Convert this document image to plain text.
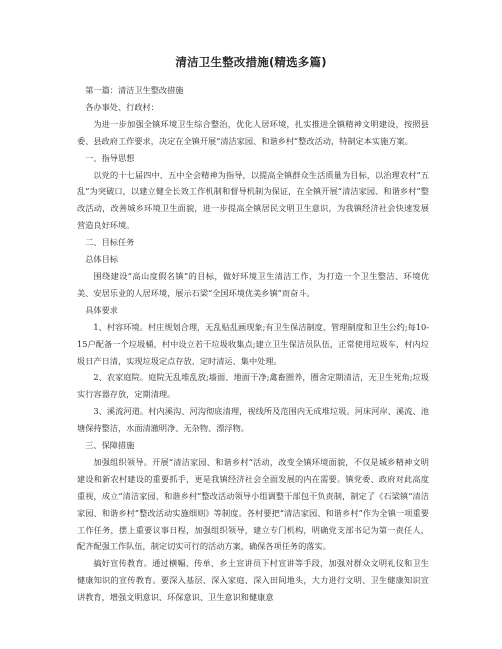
清洁卫生整改措施(精选多篇)

第一篇：清洁卫生整改措施

各办事处、行政村：

为进一步加强全镇环境卫生综合整治，优化人居环境，扎实推进全镇精神文明建设，按照县委、县政府工作要求，决定在全镇开展“清洁家园、和谐乡村”整改活动，特制定本实施方案。

一、指导思想

以党的十七届四中、五中全会精神为指导，以提高全镇群众生活质量为目标，以治理农村“五乱”为突破口，以建立健全长效工作机制和督导机制为保证，在全镇开展“清洁家园、和谐乡村”整改活动，改善城乡环境卫生面貌，进一步提高全镇居民文明卫生意识，为我镇经济社会快速发展营造良好环境。

二、目标任务

总体目标

围绕建设“高山度假名镇”的目标，做好环境卫生清洁工作，为打造一个卫生整洁、环境优美、安居乐业的人居环境，展示石梁“全国环境优美乡镇”而奋斗。

具体要求

1、村容环境。村庄规划合理，无乱贴乱画现象;有卫生保洁制度、管理制度和卫生公约;每10-15户配备一个垃圾桶，村中设立若干垃圾收集点;建立卫生保洁员队伍，正常使用垃圾车，村内垃圾日产日清，实现垃圾定点存放、定时清运、集中处理。

2、农家庭院。庭院无乱堆乱放;墙面、地面干净;禽畜圈养，圈舍定期清洁，无卫生死角;垃圾实行容器存放，定期清理。

3、溪流河道。村内溪沟、河沟彻底清理，视线所及范围内无成堆垃圾。河床河岸、溪流、池塘保持整洁，水面清澈明净、无杂物、漂浮物。

三、保障措施

加强组织领导。开展“清洁家园、和谐乡村”活动，改变全镇环境面貌，不仅是城乡精神文明建设和新农村建设的重要抓手，更是我镇经济社会全面发展的内在需要。镇党委、政府对此高度重视，成立“清洁家园、和谐乡村”整改活动领导小组调整干部包干负责制，制定了《石梁镇“清洁家园、和谐乡村”整改活动实施细则》等制度。各村要把“清洁家园、和谐乡村”作为全镇一项重要工作任务，摆上重要议事日程，加强组织领导，建立专门机构，明确党支部书记为第一责任人，配齐配强工作队伍，制定切实可行的活动方案，确保各项任务的落实。

搞好宣传教育。通过横幅、传单、乡土宣讲员下村宣讲等手段，加强对群众文明礼仪和卫生健康知识的宣传教育。要深入基层、深入家庭、深入田间地头，大力进行文明、卫生健康知识宣讲教育，增强文明意识、环保意识、卫生意识和健康意
